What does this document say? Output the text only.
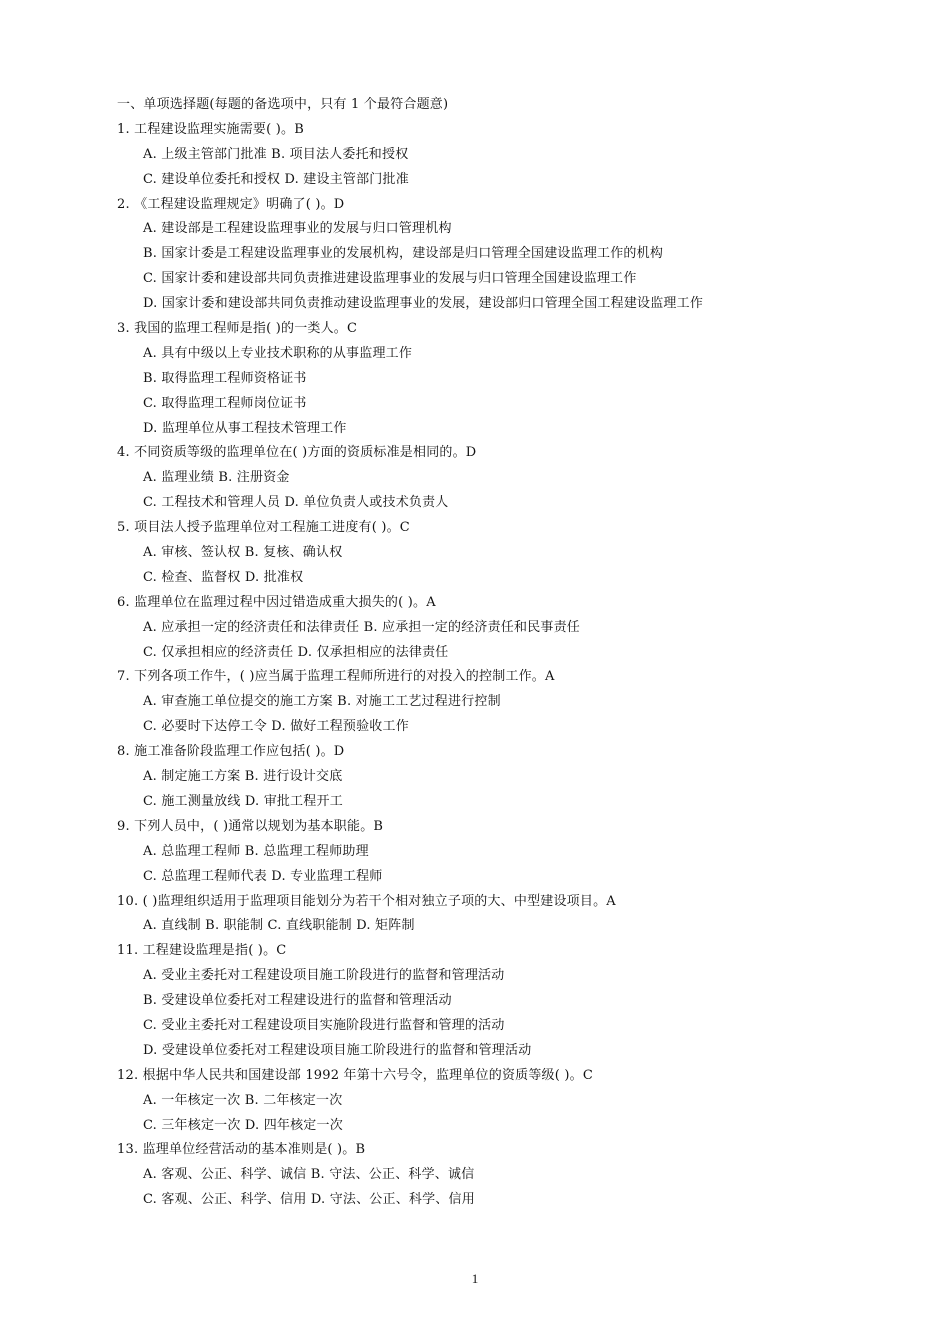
一、单项选择题(每题的备选项中，只有 1 个最符合题意)
1. 工程建设监理实施需要( )。B
A. 上级主管部门批准 B. 项目法人委托和授权
C. 建设单位委托和授权 D. 建设主管部门批准
2. 《工程建设监理规定》明确了( )。D
A. 建设部是工程建设监理事业的发展与归口管理机构
B. 国家计委是工程建设监理事业的发展机构，建设部是归口管理全国建设监理工作的机构
C. 国家计委和建设部共同负责推进建设监理事业的发展与归口管理全国建设监理工作
D. 国家计委和建设部共同负责推动建设监理事业的发展，建设部归口管理全国工程建设监理工作
3. 我国的监理工程师是指( )的一类人。C
A. 具有中级以上专业技术职称的从事监理工作
B. 取得监理工程师资格证书
C. 取得监理工程师岗位证书
D. 监理单位从事工程技术管理工作
4. 不同资质等级的监理单位在( )方面的资质标准是相同的。D
A. 监理业绩 B. 注册资金
C. 工程技术和管理人员 D. 单位负责人或技术负责人
5. 项目法人授予监理单位对工程施工进度有( )。C
A. 审核、签认权 B. 复核、确认权
C. 检查、监督权 D. 批准权
6. 监理单位在监理过程中因过错造成重大损失的( )。A
A. 应承担一定的经济责任和法律责任 B. 应承担一定的经济责任和民事责任
C. 仅承担相应的经济责任 D. 仅承担相应的法律责任
7. 下列各项工作牛，( )应当属于监理工程师所进行的对投入的控制工作。A
A. 审查施工单位提交的施工方案 B. 对施工工艺过程进行控制
C. 必要时下达停工令 D. 做好工程预验收工作
8. 施工准备阶段监理工作应包括( )。D
A. 制定施工方案 B. 进行设计交底
C. 施工测量放线 D. 审批工程开工
9. 下列人员中，( )通常以规划为基本职能。B
A. 总监理工程师 B. 总监理工程师助理
C. 总监理工程师代表 D. 专业监理工程师
10. ( )监理组织适用于监理项目能划分为若干个相对独立子项的大、中型建设项目。A
A. 直线制 B. 职能制 C. 直线职能制 D. 矩阵制
11. 工程建设监理是指( )。C
A. 受业主委托对工程建设项目施工阶段进行的监督和管理活动
B. 受建设单位委托对工程建设进行的监督和管理活动
C. 受业主委托对工程建设项目实施阶段进行监督和管理的活动
D. 受建设单位委托对工程建设项目施工阶段进行的监督和管理活动
12. 根据中华人民共和国建设部 1992 年第十六号令，监理单位的资质等级( )。C
A. 一年核定一次 B. 二年核定一次
C. 三年核定一次 D. 四年核定一次
13. 监理单位经营活动的基本准则是( )。B
A. 客观、公正、科学、诚信 B. 守法、公正、科学、诚信
C. 客观、公正、科学、信用 D. 守法、公正、科学、信用
1
